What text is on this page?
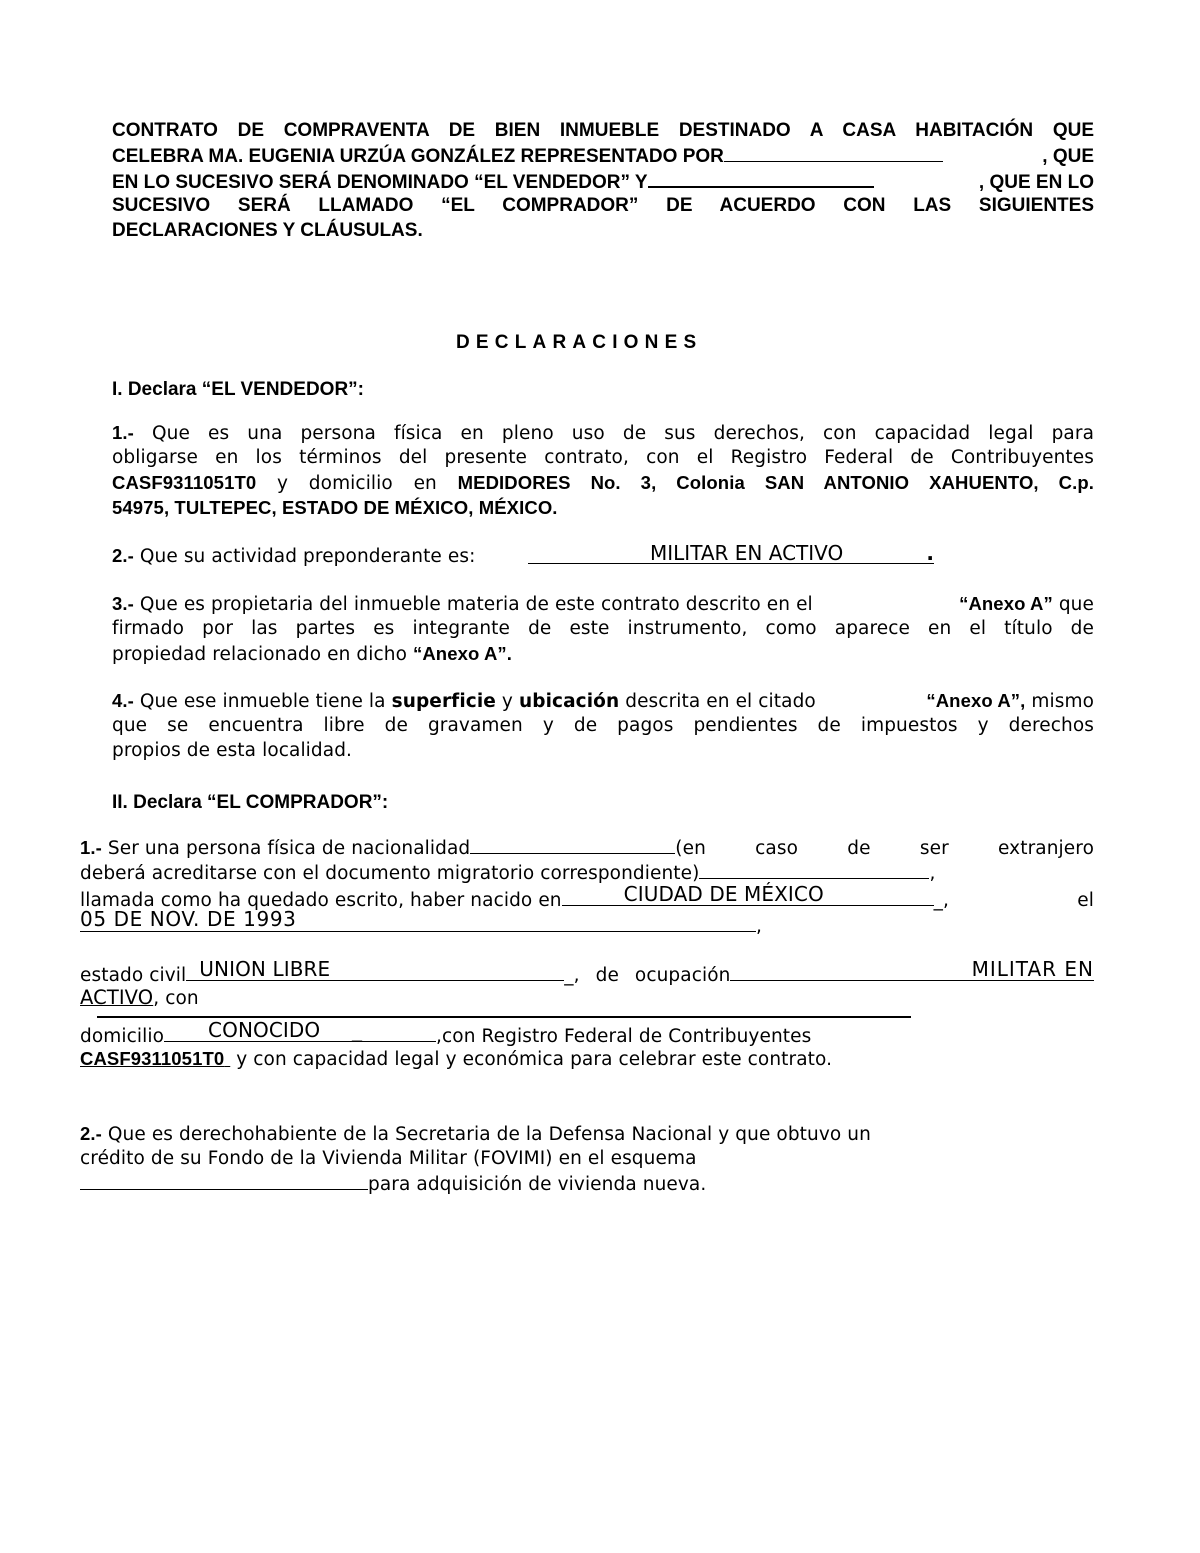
CONTRATO DE COMPRAVENTA DE BIEN INMUEBLE DESTINADO A CASA HABITACIÓN QUE
CELEBRA MA. EUGENIA URZÚA GONZÁLEZ REPRESENTADO POR	, QUE
EN LO SUCESIVO SERÁ DENOMINADO “EL VENDEDOR” Y	, QUE EN LO
SUCESIVO SERÁ LLAMADO “EL COMPRADOR” DE ACUERDO CON LAS SIGUIENTES
DECLARACIONES Y CLÁUSULAS.
DECLARACIONES
I. Declara “EL VENDEDOR”:
1.- Que es una persona física en pleno uso de sus derechos, con capacidad legal para
obligarse en los términos del presente contrato, con el Registro Federal de Contribuyentes
CASF9311051T0 y domicilio en MEDIDORES No. 3, Colonia SAN ANTONIO XAHUENTO, C.p.
54975, TULTEPEC, ESTADO DE MÉXICO, MÉXICO.
2.-
Que su actividad preponderante es:	MILITAR EN ACTIVO	.
3.- Que es propietaria del inmueble materia de este contrato descrito en el	“Anexo A” que
firmado por las partes es integrante de este instrumento, como aparece en el título de
propiedad relacionado en dicho “Anexo A”.
4.- Que ese inmueble tiene la superficie y ubicación descrita en el citado	“Anexo A”, mismo
que se encuentra libre de gravamen y de pagos pendientes de impuestos y derechos
propios de esta localidad.
II. Declara “EL COMPRADOR”:
1.-
Ser una persona física de nacionalidad	(en caso de ser extranjero
deberá acreditarse con el documento migratorio correspondiente)	,
llamada como ha quedado escrito, haber nacido en	CIUDAD DE MÉXICO	_,	el
05 DE NOV. DE 1993	,
estado civil UNION LIBRE	_, de ocupación	MILITAR EN
ACTIVO, con
domicilio CONOCIDO _	,con Registro Federal de Contribuyentes
CASF9311051T0 y con capacidad legal y económica para celebrar este contrato.
2.- Que es derechohabiente de la Secretaria de la Defensa Nacional y que obtuvo un
crédito de su Fondo de la Vivienda Militar (FOVIMI) en el esquema
para adquisición de vivienda nueva.
